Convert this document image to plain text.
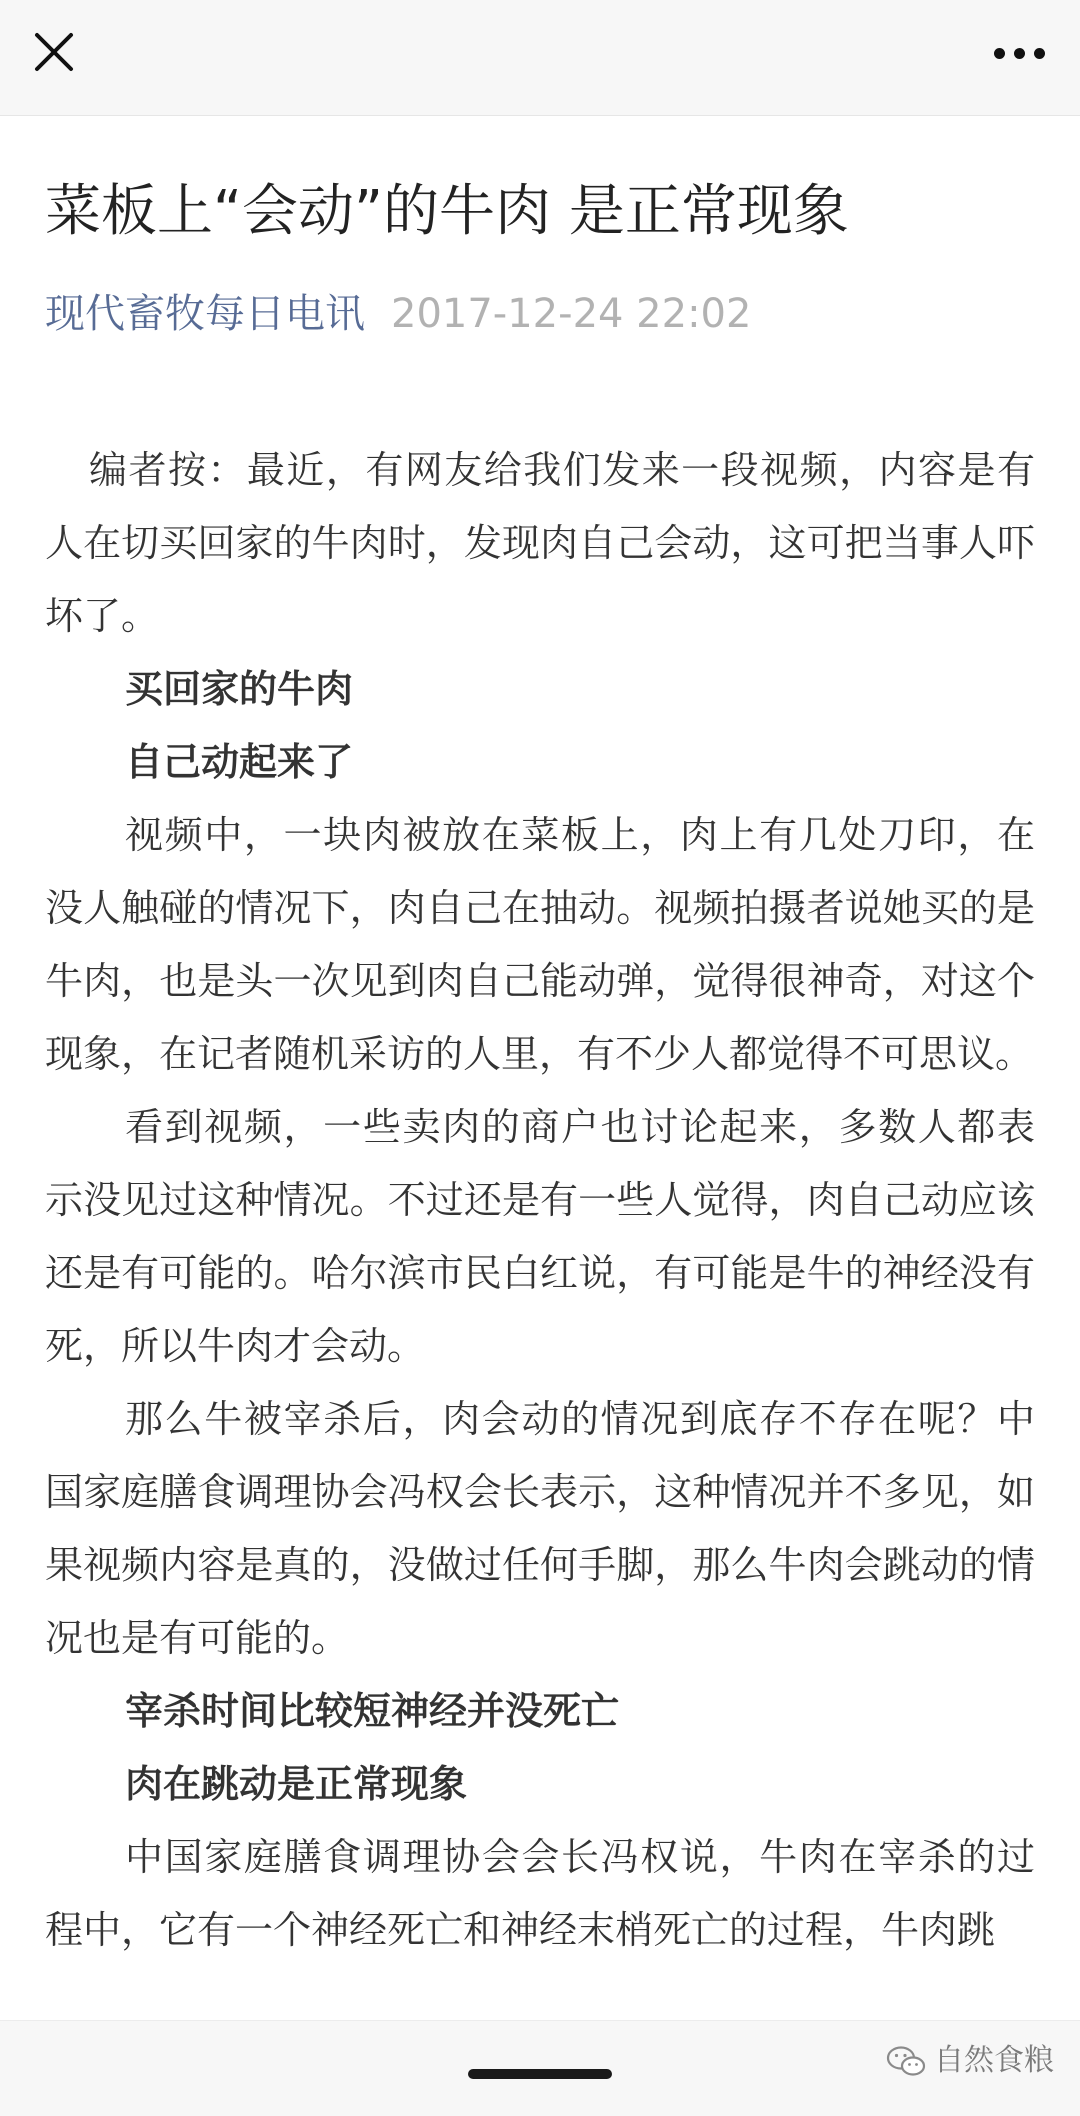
菜板上“会动”的牛肉 是正常现象
现代畜牧每日电讯 2017-12-24 22:02

编者按：最近，有网友给我们发来一段视频，内容是有人在切买回家的牛肉时，发现肉自己会动，这可把当事人吓坏了。

买回家的牛肉

自己动起来了

视频中，一块肉被放在菜板上，肉上有几处刀印，在没人触碰的情况下，肉自己在抽动。视频拍摄者说她买的是牛肉，也是头一次见到肉自己能动弹，觉得很神奇，对这个现象，在记者随机采访的人里，有不少人都觉得不可思议。

看到视频，一些卖肉的商户也讨论起来，多数人都表示没见过这种情况。不过还是有一些人觉得，肉自己动应该还是有可能的。哈尔滨市民白红说，有可能是牛的神经没有死，所以牛肉才会动。

那么牛被宰杀后，肉会动的情况到底存不存在呢？中国家庭膳食调理协会冯权会长表示，这种情况并不多见，如果视频内容是真的，没做过任何手脚，那么牛肉会跳动的情况也是有可能的。

宰杀时间比较短神经并没死亡

肉在跳动是正常现象

中国家庭膳食调理协会会长冯权说，牛肉在宰杀的过程中，它有一个神经死亡和神经末梢死亡的过程，牛肉跳

自然食粮
